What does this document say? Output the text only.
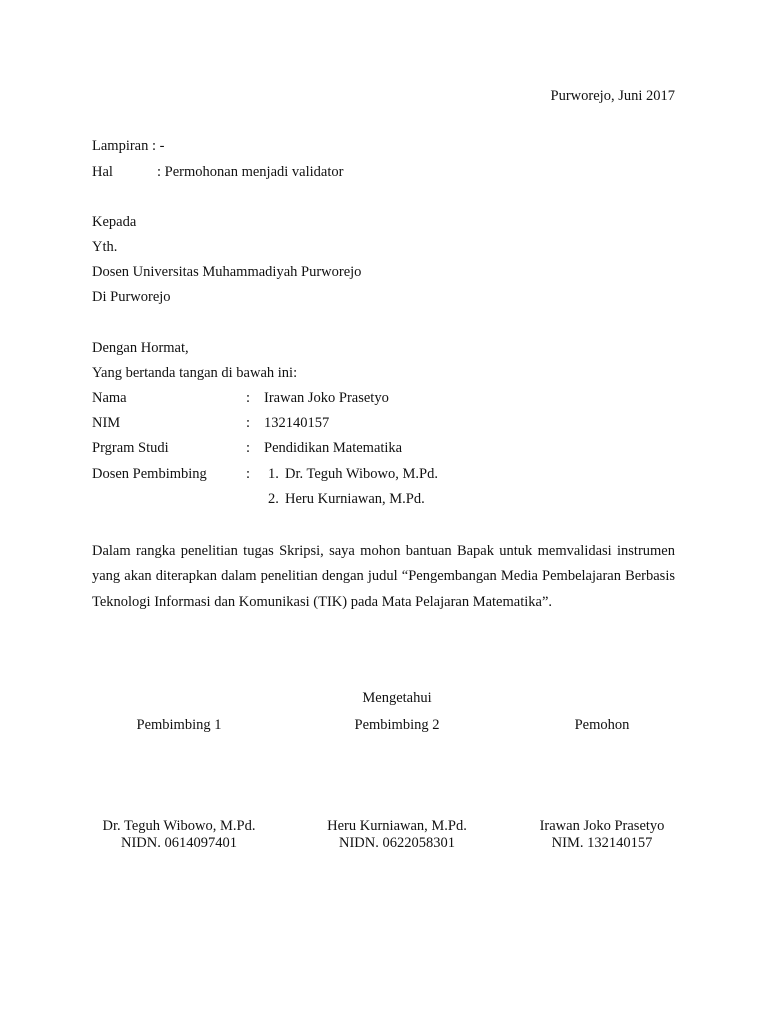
Purworejo, Juni 2017
Lampiran : -
Hal	: Permohonan menjadi validator
Kepada
Yth.
Dosen Universitas Muhammadiyah Purworejo
Di Purworejo
Dengan Hormat,
Yang bertanda tangan di bawah ini:
Nama	: Irawan Joko Prasetyo
NIM	: 132140157
Prgram Studi	: Pendidikan Matematika
Dosen Pembimbing	: 1. Dr. Teguh Wibowo, M.Pd.
2. Heru Kurniawan, M.Pd.
Dalam rangka penelitian tugas Skripsi, saya mohon bantuan Bapak untuk memvalidasi instrumen yang akan diterapkan dalam penelitian dengan judul “Pengembangan Media Pembelajaran Berbasis Teknologi Informasi dan Komunikasi (TIK) pada Mata Pelajaran Matematika”.
Mengetahui
Pembimbing 1	Pembimbing 2	Pemohon
Dr. Teguh Wibowo, M.Pd.	Heru Kurniawan, M.Pd.	Irawan Joko Prasetyo
NIDN. 0614097401	NIDN. 0622058301	NIM. 132140157
